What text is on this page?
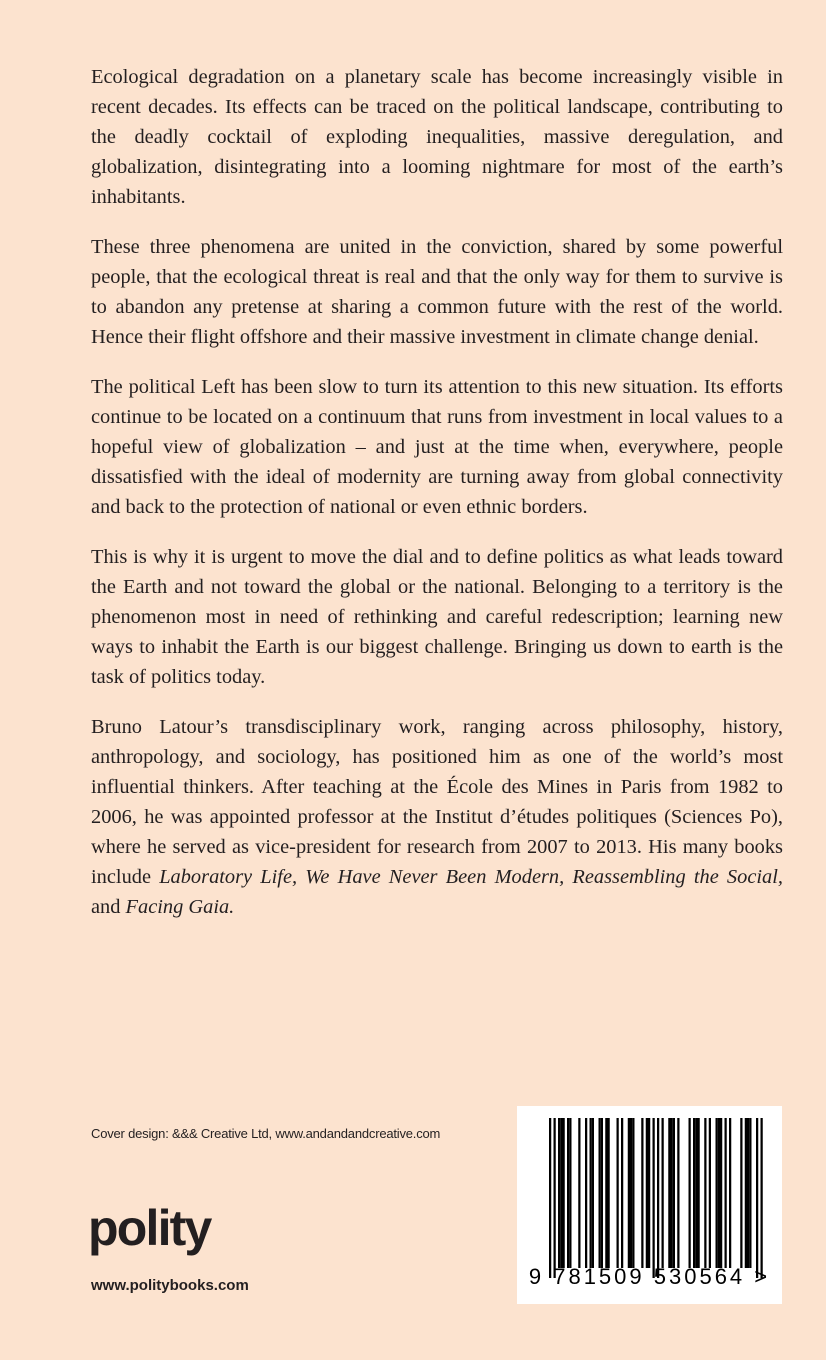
Ecological degradation on a planetary scale has become increasingly visible in recent decades. Its effects can be traced on the political landscape, contributing to the deadly cocktail of exploding inequalities, massive deregulation, and globalization, disintegrating into a looming nightmare for most of the earth’s inhabitants.

These three phenomena are united in the conviction, shared by some powerful people, that the ecological threat is real and that the only way for them to survive is to abandon any pretense at sharing a common future with the rest of the world. Hence their flight offshore and their massive investment in climate change denial.

The political Left has been slow to turn its attention to this new situation. Its efforts continue to be located on a continuum that runs from investment in local values to a hopeful view of globalization – and just at the time when, everywhere, people dissatisfied with the ideal of modernity are turning away from global connectivity and back to the protection of national or even ethnic borders.

This is why it is urgent to move the dial and to define politics as what leads toward the Earth and not toward the global or the national. Belonging to a territory is the phenomenon most in need of rethinking and careful redescription; learning new ways to inhabit the Earth is our biggest challenge. Bringing us down to earth is the task of politics today.

Bruno Latour’s transdisciplinary work, ranging across philosophy, history, anthropology, and sociology, has positioned him as one of the world’s most influential thinkers. After teaching at the École des Mines in Paris from 1982 to 2006, he was appointed professor at the Institut d’études politiques (Sciences Po), where he served as vice-president for research from 2007 to 2013. His many books include Laboratory Life, We Have Never Been Modern, Reassembling the Social, and Facing Gaia.

Cover design: &&& Creative Ltd, www.andandandcreative.com
polity
www.politybooks.com	9 781509 530564 >
